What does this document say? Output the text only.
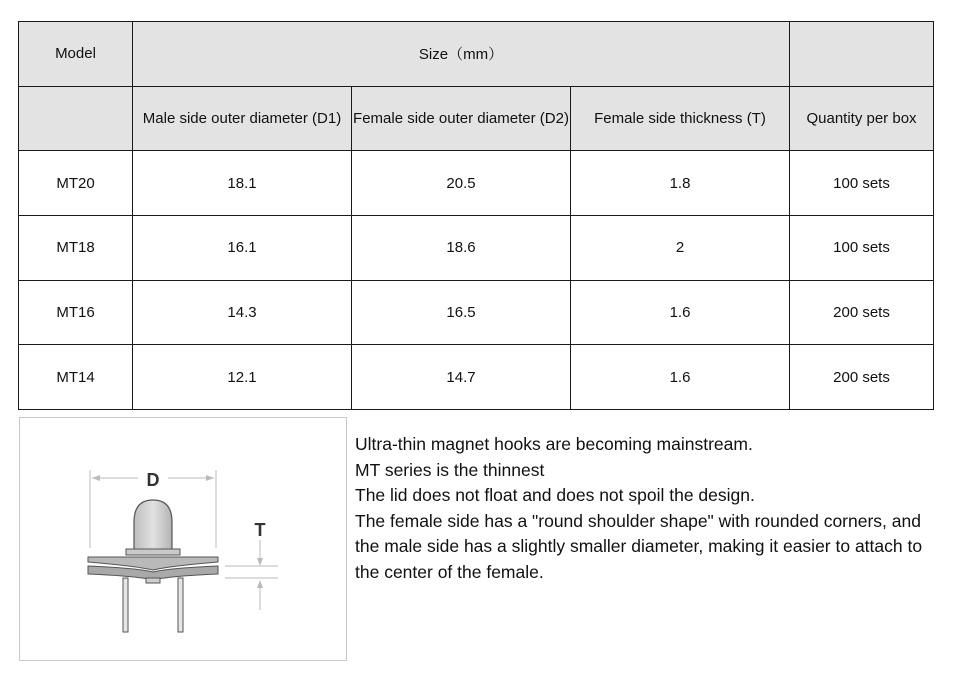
Model	Size（mm）			
	Male side outer diameter (D1)	Female side outer diameter (D2)	Female side thickness (T)	Quantity per box
MT20	18.1	20.5	1.8	100 sets
MT18	16.1	18.6	2	100 sets
MT16	14.3	16.5	1.6	200 sets
MT14	12.1	14.7	1.6	200 sets
D
T

Ultra-thin magnet hooks are becoming mainstream.

MT series is the thinnest

The lid does not float and does not spoil the design.

The female side has a "round shoulder shape" with rounded corners, and the male side has a slightly smaller diameter, making it easier to attach to the center of the female.
